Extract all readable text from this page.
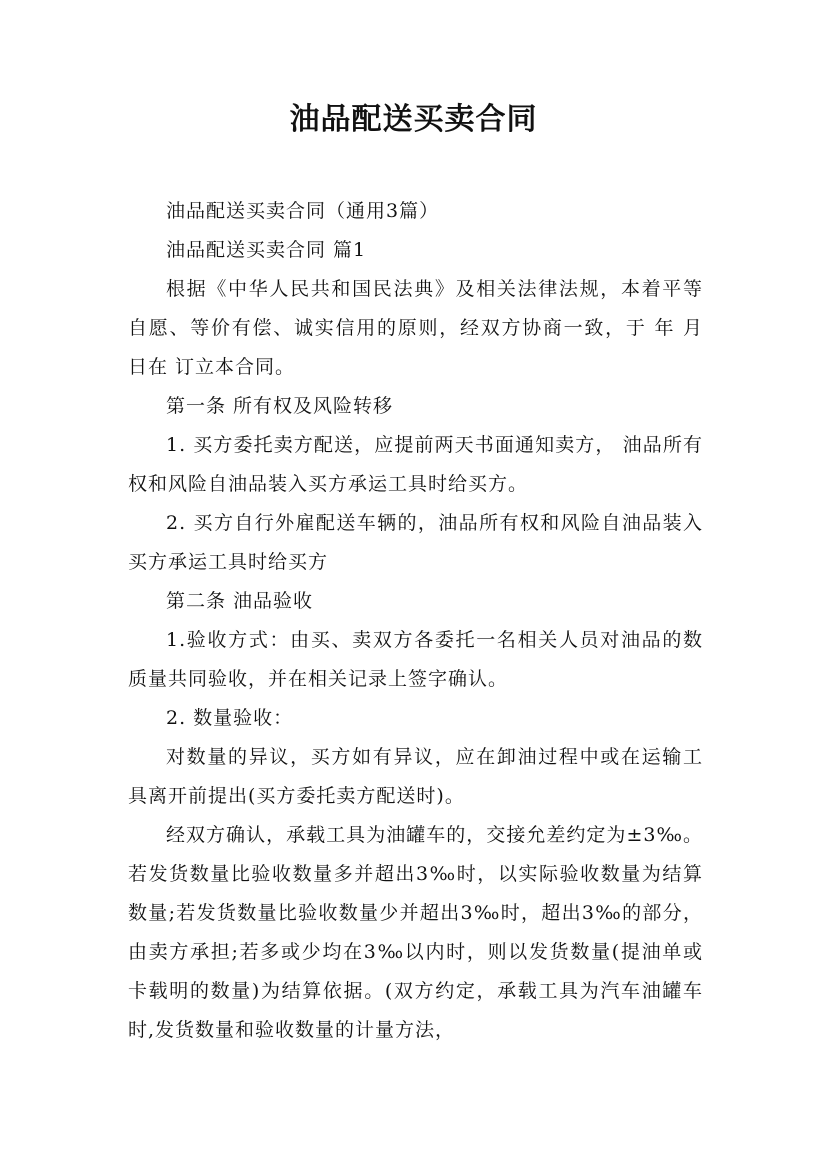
油品配送买卖合同

油品配送买卖合同（通用3篇）

油品配送买卖合同 篇1

根据《中华人民共和国民法典》及相关法律法规，本着平等自愿、等价有偿、诚实信用的原则，经双方协商一致，于 年 月 日在 订立本合同。

第一条 所有权及风险转移

1. 买方委托卖方配送，应提前两天书面通知卖方， 油品所有权和风险自油品装入买方承运工具时给买方。

2. 买方自行外雇配送车辆的，油品所有权和风险自油品装入买方承运工具时给买方

第二条 油品验收

1.验收方式：由买、卖双方各委托一名相关人员对油品的数质量共同验收，并在相关记录上签字确认。

2. 数量验收：

对数量的异议，买方如有异议，应在卸油过程中或在运输工具离开前提出(买方委托卖方配送时)。

经双方确认，承载工具为油罐车的，交接允差约定为±3‰。若发货数量比验收数量多并超出3‰时，以实际验收数量为结算数量;若发货数量比验收数量少并超出3‰时，超出3‰的部分，由卖方承担;若多或少均在3‰以内时，则以发货数量(提油单或卡载明的数量)为结算依据。(双方约定，承载工具为汽车油罐车时,发货数量和验收数量的计量方法，
